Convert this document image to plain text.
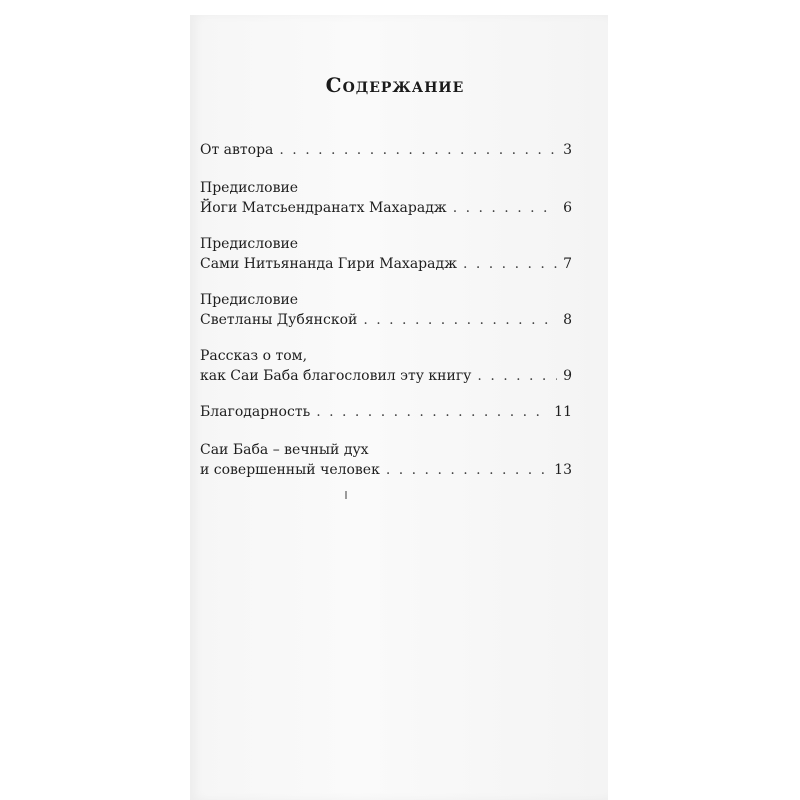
Содержание
От автора . . .	3
Предисловие
Йоги Матсьендранатх Махарадж . . .	6
Предисловие
Сами Нитьянанда Гири Махарадж . . .	7
Предисловие
Светланы Дубянской . . .	8
Рассказ о том,
как Саи Баба благословил эту книгу . . .	9
Благодарность . . .	11
Саи Баба – вечный дух
и совершенный человек . . .	13
